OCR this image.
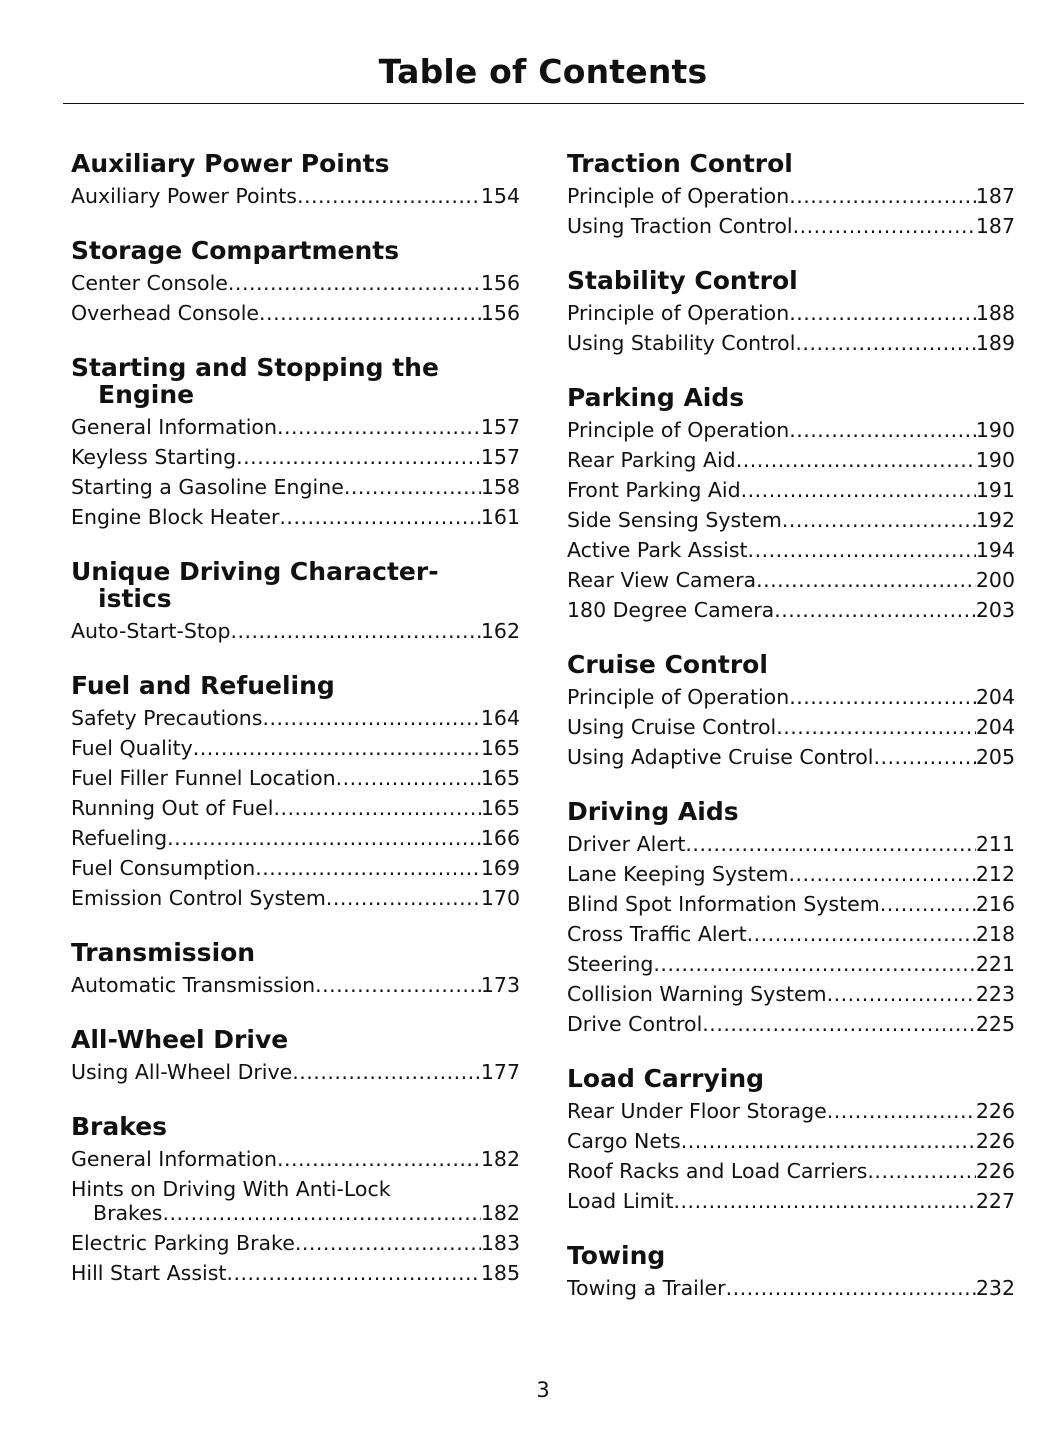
Table of Contents
Auxiliary Power Points
Auxiliary Power Points .....	154
Storage Compartments
Center Console .....	156
Overhead Console .....	156
Starting and Stopping the Engine
General Information .....	157
Keyless Starting .....	157
Starting a Gasoline Engine .....	158
Engine Block Heater .....	161
Unique Driving Character- istics
Auto-Start-Stop .....	162
Fuel and Refueling
Safety Precautions .....	164
Fuel Quality .....	165
Fuel Filler Funnel Location .....	165
Running Out of Fuel .....	165
Refueling .....	166
Fuel Consumption .....	169
Emission Control System .....	170
Transmission
Automatic Transmission .....	173
All-Wheel Drive
Using All-Wheel Drive .....	177
Brakes
General Information .....	182
Hints on Driving With Anti-Lock
Brakes .....	182
Electric Parking Brake .....	183
Hill Start Assist .....	185
Traction Control
Principle of Operation .....	187
Using Traction Control .....	187
Stability Control
Principle of Operation .....	188
Using Stability Control .....	189
Parking Aids
Principle of Operation .....	190
Rear Parking Aid .....	190
Front Parking Aid .....	191
Side Sensing System .....	192
Active Park Assist .....	194
Rear View Camera .....	200
180 Degree Camera .....	203
Cruise Control
Principle of Operation .....	204
Using Cruise Control .....	204
Using Adaptive Cruise Control .....	205
Driving Aids
Driver Alert .....	211
Lane Keeping System .....	212
Blind Spot Information System .....	216
Cross Traffic Alert .....	218
Steering .....	221
Collision Warning System .....	223
Drive Control .....	225
Load Carrying
Rear Under Floor Storage .....	226
Cargo Nets .....	226
Roof Racks and Load Carriers .....	226
Load Limit .....	227
Towing
Towing a Trailer .....	232

3
